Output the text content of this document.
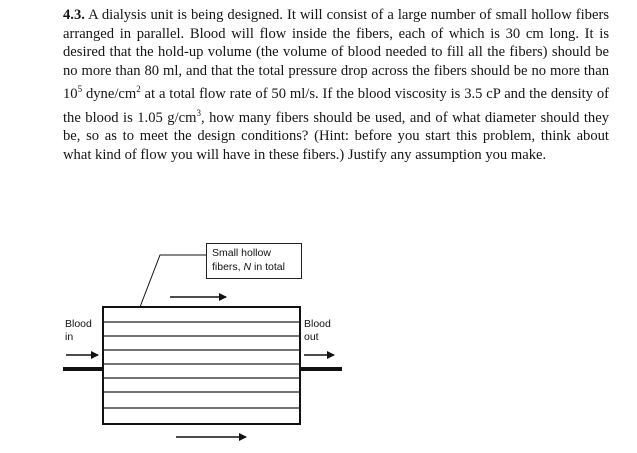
4.3. A dialysis unit is being designed. It will consist of a large number of small hollow fibers arranged in parallel. Blood will flow inside the fibers, each of which is 30 cm long. It is desired that the hold-up volume (the volume of blood needed to fill all the fibers) should be no more than 80 ml, and that the total pressure drop across the fibers should be no more than $10^5$ dyne/$cm^2$ at a total flow rate of 50 ml/s. If the blood viscosity is 3.5 cP and the density of the blood is 1.05 $g/cm^3$, how many fibers should be used, and of what diameter should they be, so as to meet the design conditions? (Hint: before you start this problem, think about what kind of flow you will have in these fibers.) Justify any assumption you make.

Small hollow
fibers, N in total
Blood
in
Blood
out
